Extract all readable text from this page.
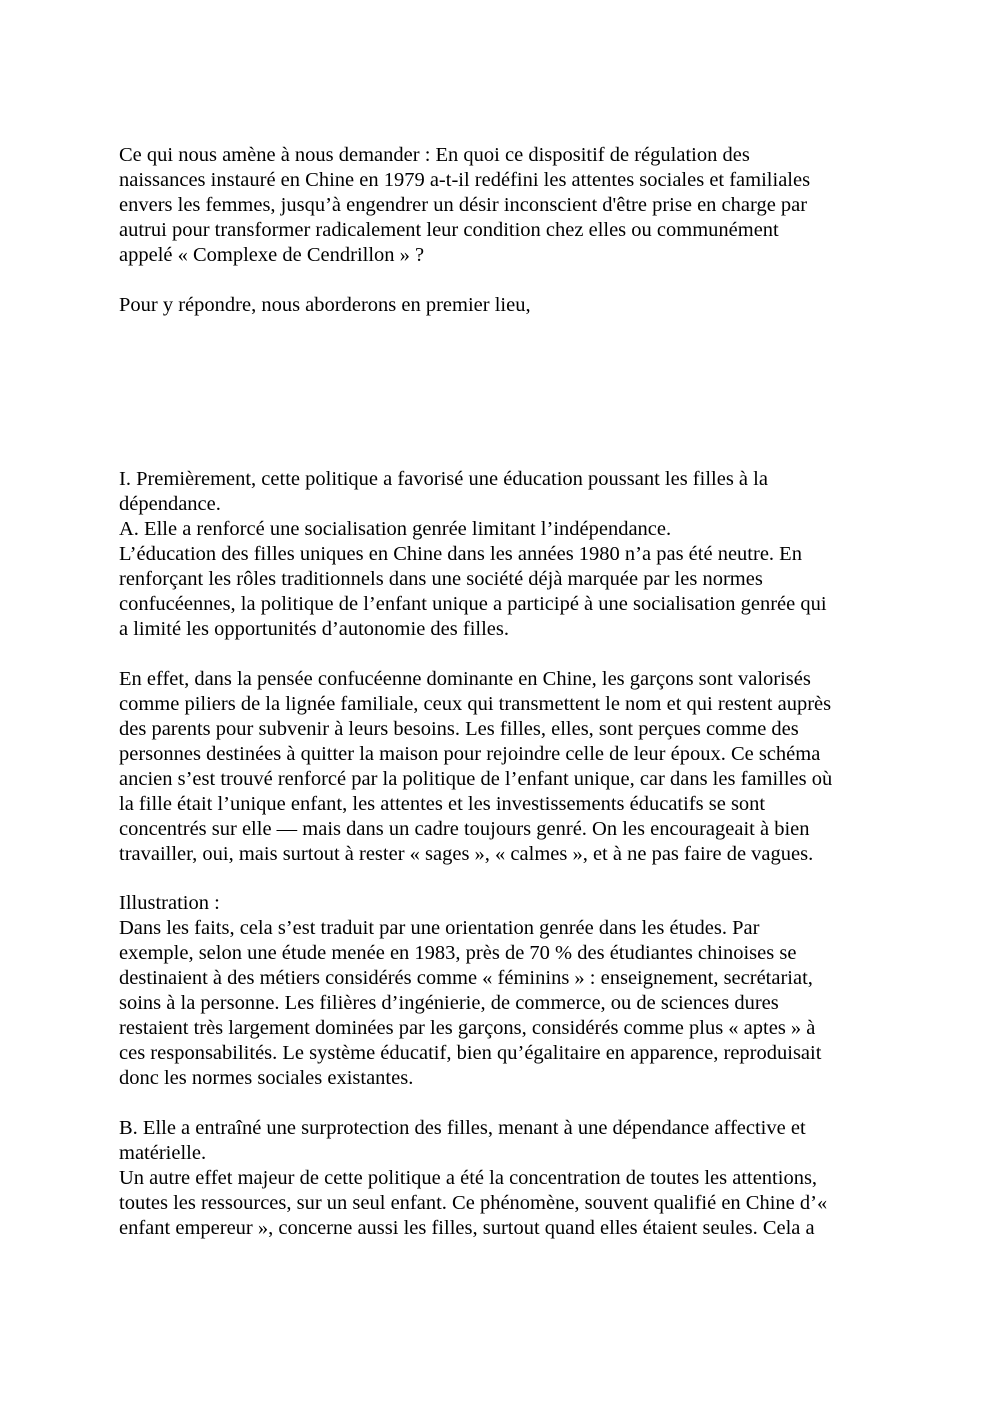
Ce qui nous amène à nous demander : En quoi ce dispositif de régulation des
naissances instauré en Chine en 1979 a-t-il redéfini les attentes sociales et familiales
envers les femmes, jusqu’à engendrer un désir inconscient d'être prise en charge par
autrui pour transformer radicalement leur condition chez elles ou communément
appelé « Complexe de Cendrillon » ?
Pour y répondre, nous aborderons en premier lieu,
I. Premièrement, cette politique a favorisé une éducation poussant les filles à la
dépendance.
A. Elle a renforcé une socialisation genrée limitant l’indépendance.
L’éducation des filles uniques en Chine dans les années 1980 n’a pas été neutre. En
renforçant les rôles traditionnels dans une société déjà marquée par les normes
confucéennes, la politique de l’enfant unique a participé à une socialisation genrée qui
a limité les opportunités d’autonomie des filles.
En effet, dans la pensée confucéenne dominante en Chine, les garçons sont valorisés
comme piliers de la lignée familiale, ceux qui transmettent le nom et qui restent auprès
des parents pour subvenir à leurs besoins. Les filles, elles, sont perçues comme des
personnes destinées à quitter la maison pour rejoindre celle de leur époux. Ce schéma
ancien s’est trouvé renforcé par la politique de l’enfant unique, car dans les familles où
la fille était l’unique enfant, les attentes et les investissements éducatifs se sont
concentrés sur elle — mais dans un cadre toujours genré. On les encourageait à bien
travailler, oui, mais surtout à rester « sages », « calmes », et à ne pas faire de vagues.
Illustration :
Dans les faits, cela s’est traduit par une orientation genrée dans les études. Par
exemple, selon une étude menée en 1983, près de 70 % des étudiantes chinoises se
destinaient à des métiers considérés comme « féminins » : enseignement, secrétariat,
soins à la personne. Les filières d’ingénierie, de commerce, ou de sciences dures
restaient très largement dominées par les garçons, considérés comme plus « aptes » à
ces responsabilités. Le système éducatif, bien qu’égalitaire en apparence, reproduisait
donc les normes sociales existantes.
B. Elle a entraîné une surprotection des filles, menant à une dépendance affective et
matérielle.
Un autre effet majeur de cette politique a été la concentration de toutes les attentions,
toutes les ressources, sur un seul enfant. Ce phénomène, souvent qualifié en Chine d’«
enfant empereur », concerne aussi les filles, surtout quand elles étaient seules. Cela a
